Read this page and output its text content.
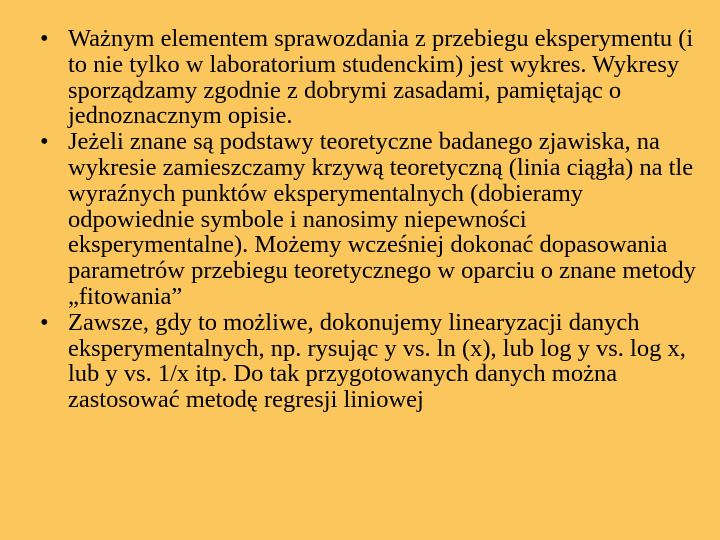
• Ważnym elementem sprawozdania z przebiegu eksperymentu (i to nie tylko w laboratorium studenckim) jest wykres. Wykresy sporządzamy zgodnie z dobrymi zasadami, pamiętając o jednoznacznym opisie.
• Jeżeli znane są podstawy teoretyczne badanego zjawiska, na wykresie zamieszczamy krzywą teoretyczną (linia ciągła) na tle wyraźnych punktów eksperymentalnych (dobieramy odpowiednie symbole i nanosimy niepewności eksperymentalne). Możemy wcześniej dokonać dopasowania parametrów przebiegu teoretycznego w oparciu o znane metody „fitowania”
• Zawsze, gdy to możliwe, dokonujemy linearyzacji danych eksperymentalnych, np. rysując y vs. ln (x), lub log y vs. log x, lub y vs. 1/x itp. Do tak przygotowanych danych można zastosować metodę regresji liniowej
